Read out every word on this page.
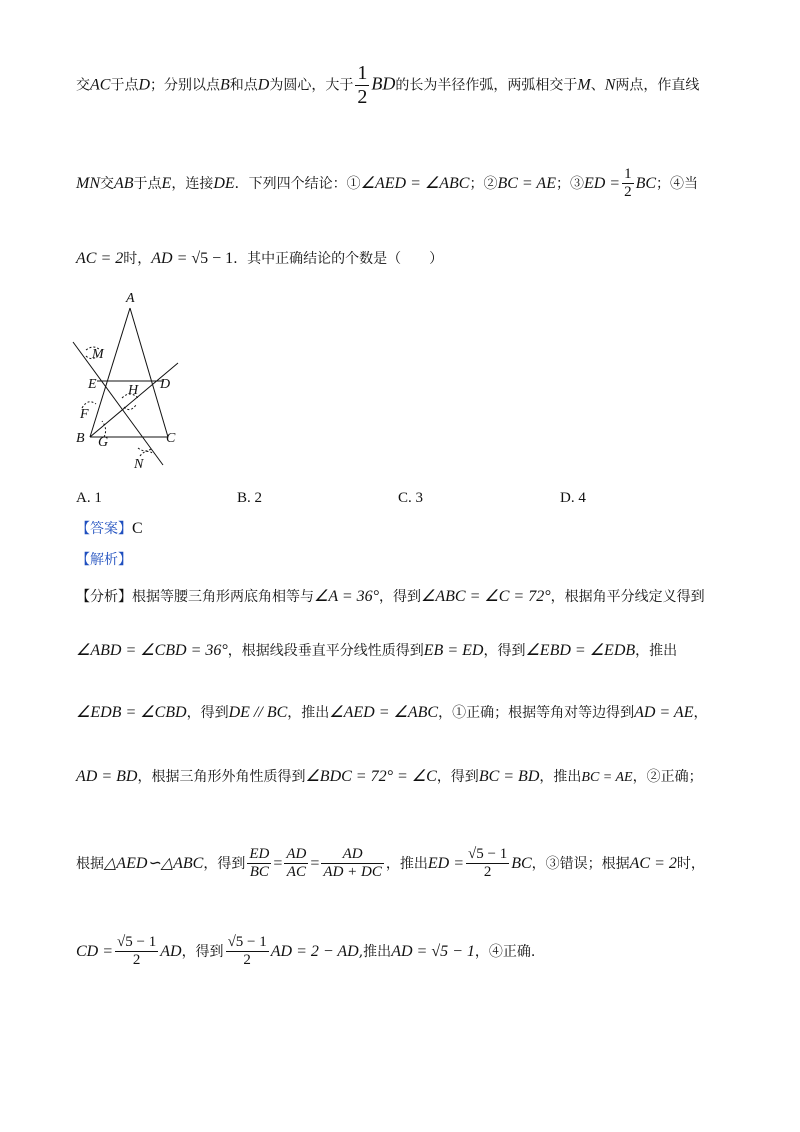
交AC于点D；分别以点B和点D为圆心，大于 $\frac{1}{2}$ BD的长为半径作弧，两弧相交于M、N两点，作直线
MN交AB于点E，连接DE．下列四个结论：①∠AED = ∠ABC；②BC = AE；③ED = $\frac{1}{2}$ BC；④当
AC = 2时，AD = √5 − 1．其中正确结论的个数是（　　）
A
M
E H D
F
B G	C
N
A. 1	B. 2	C. 3	D. 4
【答案】C
【解析】
【分析】根据等腰三角形两底角相等与∠A = 36°，得到∠ABC = ∠C = 72°，根据角平分线定义得到
∠ABD = ∠CBD = 36°，根据线段垂直平分线性质得到EB = ED，得到∠EBD = ∠EDB，推出
∠EDB = ∠CBD，得到DE // BC，推出∠AED = ∠ABC，①正确；根据等角对等边得到AD = AE，
AD = BD，根据三角形外角性质得到∠BDC = 72° = ∠C，得到BC = BD，推出BC = AE，②正确；
根据△AED∽△ABC，得到 $\frac{ED}{BC} = \frac{AD}{AC} = \frac{AD}{AD + DC}$ ，推出ED = $\frac{√5 - 1}{2}$ BC，③错误；根据AC = 2时，
CD = $\frac{√5 - 1}{2}$ AD，得到 $\frac{√5 - 1}{2}$ AD = 2 − AD,推出AD = √5 − 1，④正确.
